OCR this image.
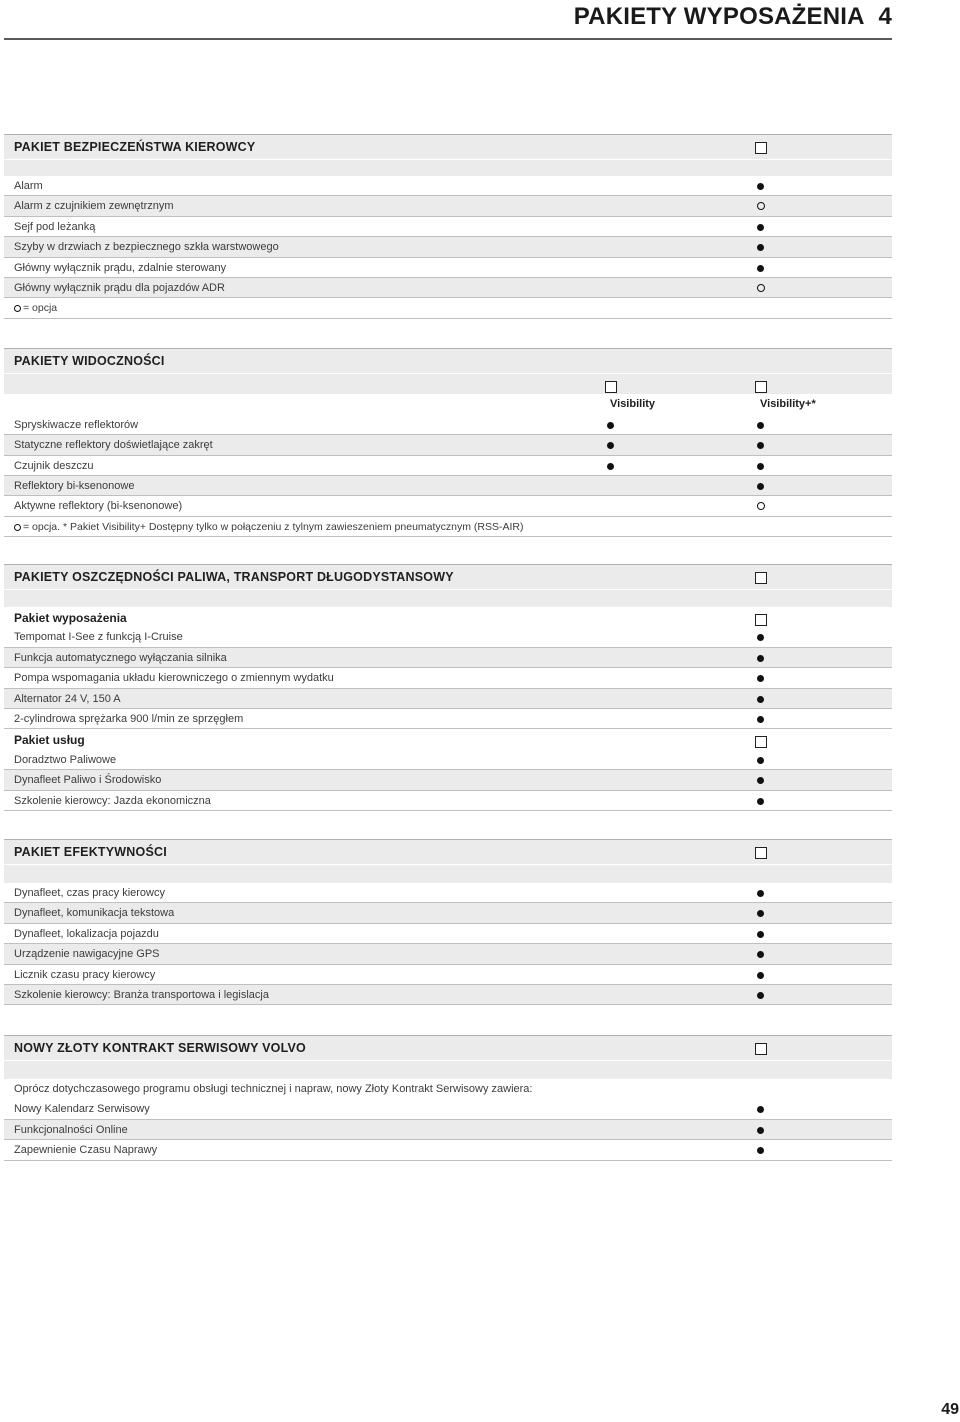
PAKIETY WYPOSAŻENIA 4
PAKIET BEZPIECZEŃSTWA KIEROWCY
Alarm
Alarm z czujnikiem zewnętrznym
Sejf pod leżanką
Szyby w drzwiach z bezpiecznego szkła warstwowego
Główny wyłącznik prądu, zdalnie sterowany
Główny wyłącznik prądu dla pojazdów ADR
= opcja
PAKIETY WIDOCZNOŚCI
Visibility	Visibility+*
Spryskiwacze reflektorów
Statyczne reflektory doświetlające zakręt
Czujnik deszczu
Reflektory bi-ksenonowe
Aktywne reflektory (bi-ksenonowe)
= opcja. * Pakiet Visibility+ Dostępny tylko w połączeniu z tylnym zawieszeniem pneumatycznym (RSS-AIR)
PAKIETY OSZCZĘDNOŚCI PALIWA, TRANSPORT DŁUGODYSTANSOWY
Pakiet wyposażenia
Tempomat I-See z funkcją I-Cruise
Funkcja automatycznego wyłączania silnika
Pompa wspomagania układu kierowniczego o zmiennym wydatku
Alternator 24 V, 150 A
2-cylindrowa sprężarka 900 l/min ze sprzęgłem
Pakiet usług
Doradztwo Paliwowe
Dynafleet Paliwo i Środowisko
Szkolenie kierowcy: Jazda ekonomiczna
PAKIET EFEKTYWNOŚCI
Dynafleet, czas pracy kierowcy
Dynafleet, komunikacja tekstowa
Dynafleet, lokalizacja pojazdu
Urządzenie nawigacyjne GPS
Licznik czasu pracy kierowcy
Szkolenie kierowcy: Branża transportowa i legislacja
NOWY ZŁOTY KONTRAKT SERWISOWY VOLVO
Oprócz dotychczasowego programu obsługi technicznej i napraw, nowy Złoty Kontrakt Serwisowy zawiera:
Nowy Kalendarz Serwisowy
Funkcjonalności Online
Zapewnienie Czasu Naprawy
49
